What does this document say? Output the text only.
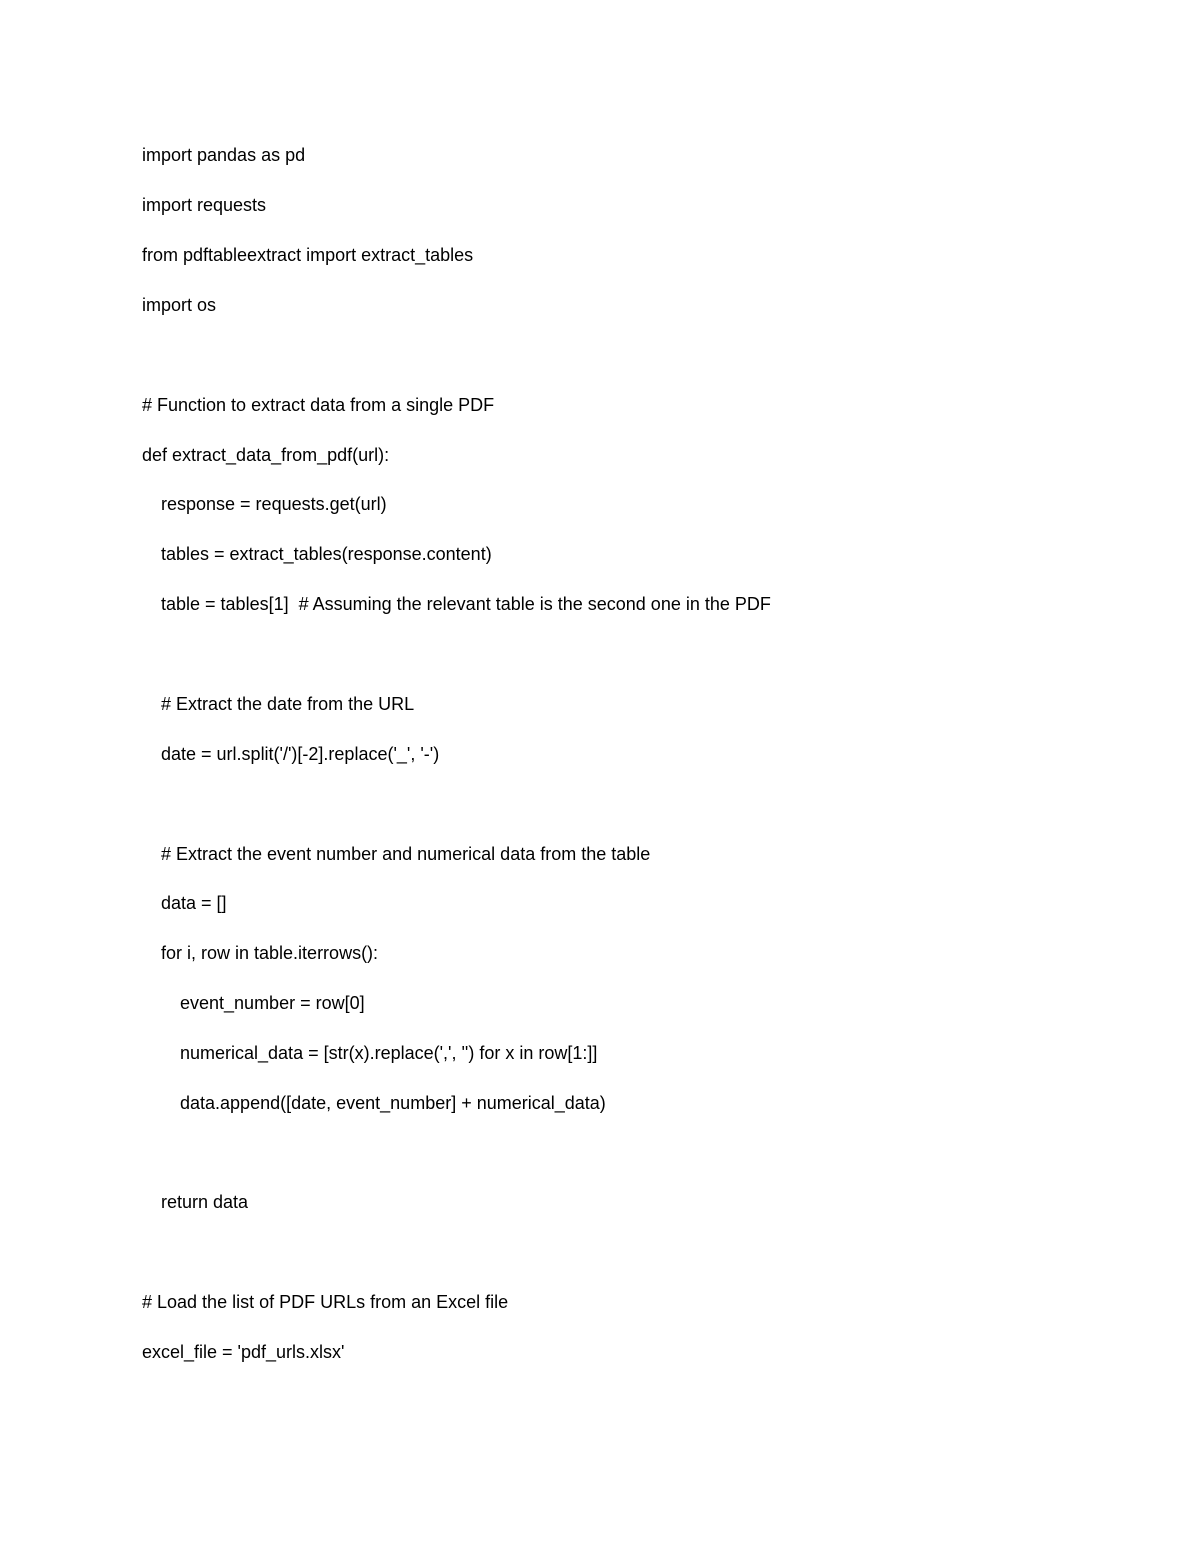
import pandas as pd

import requests

from pdftableextract import extract_tables

import os

# Function to extract data from a single PDF

def extract_data_from_pdf(url):

response = requests.get(url)

tables = extract_tables(response.content)

table = tables[1]  # Assuming the relevant table is the second one in the PDF

# Extract the date from the URL

date = url.split('/')[-2].replace('_', '-')

# Extract the event number and numerical data from the table

data = []

for i, row in table.iterrows():

event_number = row[0]

numerical_data = [str(x).replace(',', '') for x in row[1:]]

data.append([date, event_number] + numerical_data)

return data

# Load the list of PDF URLs from an Excel file

excel_file = 'pdf_urls.xlsx'
